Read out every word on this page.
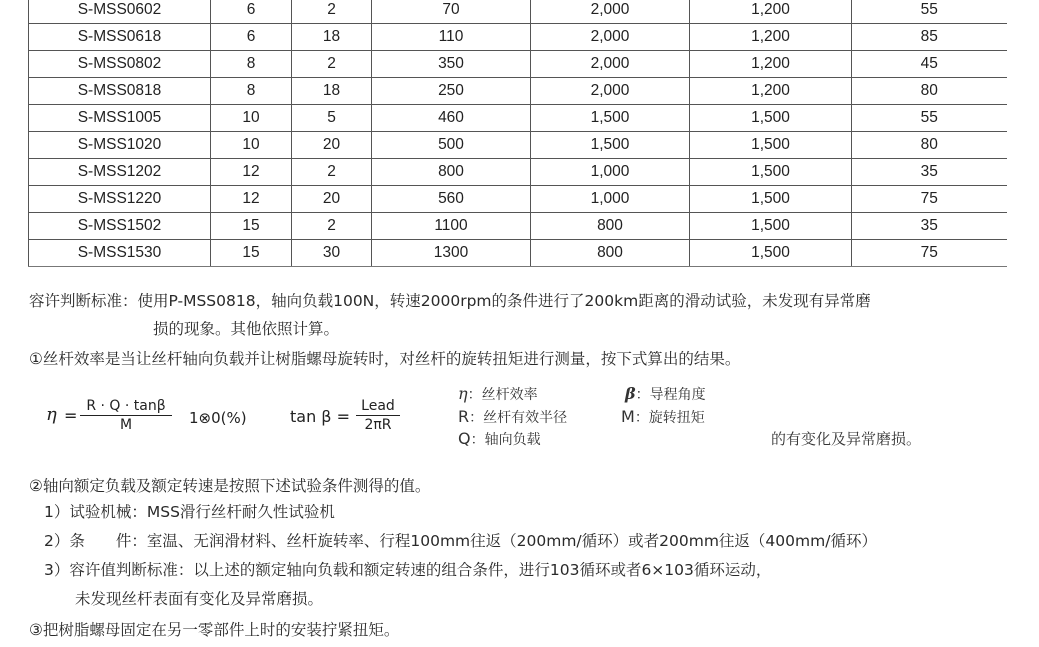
S-MSS0602	6	2	70	2,000	1,200	55
S-MSS0618	6	18	110	2,000	1,200	85
S-MSS0802	8	2	350	2,000	1,200	45
S-MSS0818	8	18	250	2,000	1,200	80
S-MSS1005	10	5	460	1,500	1,500	55
S-MSS1020	10	20	500	1,500	1,500	80
S-MSS1202	12	2	800	1,000	1,500	35
S-MSS1220	12	20	560	1,000	1,500	75
S-MSS1502	15	2	1100	800	1,500	35
S-MSS1530	15	30	1300	800	1,500	75
容许判断标准：使用P-MSS0818，轴向负载100N，转速2000rpm的条件进行了200km距离的滑动试验，未发现有异常磨
损的现象。其他依照计算。
①丝杆效率是当让丝杆轴向负载并让树脂螺母旋转时，对丝杆的旋转扭矩进行测量，按下式算出的结果。
$\eta = \frac{R \cdot Q \cdot \tan\beta}{M}$ 1⊗0(%)	tan β =
Lead
2πR
η：丝杆效率	β：导程角度
R：丝杆有效半径	M：旋转扭矩
Q：轴向负载	的有变化及异常磨损。
②轴向额定负载及额定转速是按照下述试验条件测得的值。
1）试验机械：MSS滑行丝杆耐久性试验机
2）条　　件：室温、无润滑材料、丝杆旋转率、行程100mm往返（200mm/循环）或者200mm往返（400mm/循环）
3）容许值判断标准：以上述的额定轴向负载和额定转速的组合条件，进行103循环或者6×103循环运动，
未发现丝杆表面有变化及异常磨损。
③把树脂螺母固定在另一零部件上时的安装拧紧扭矩。
